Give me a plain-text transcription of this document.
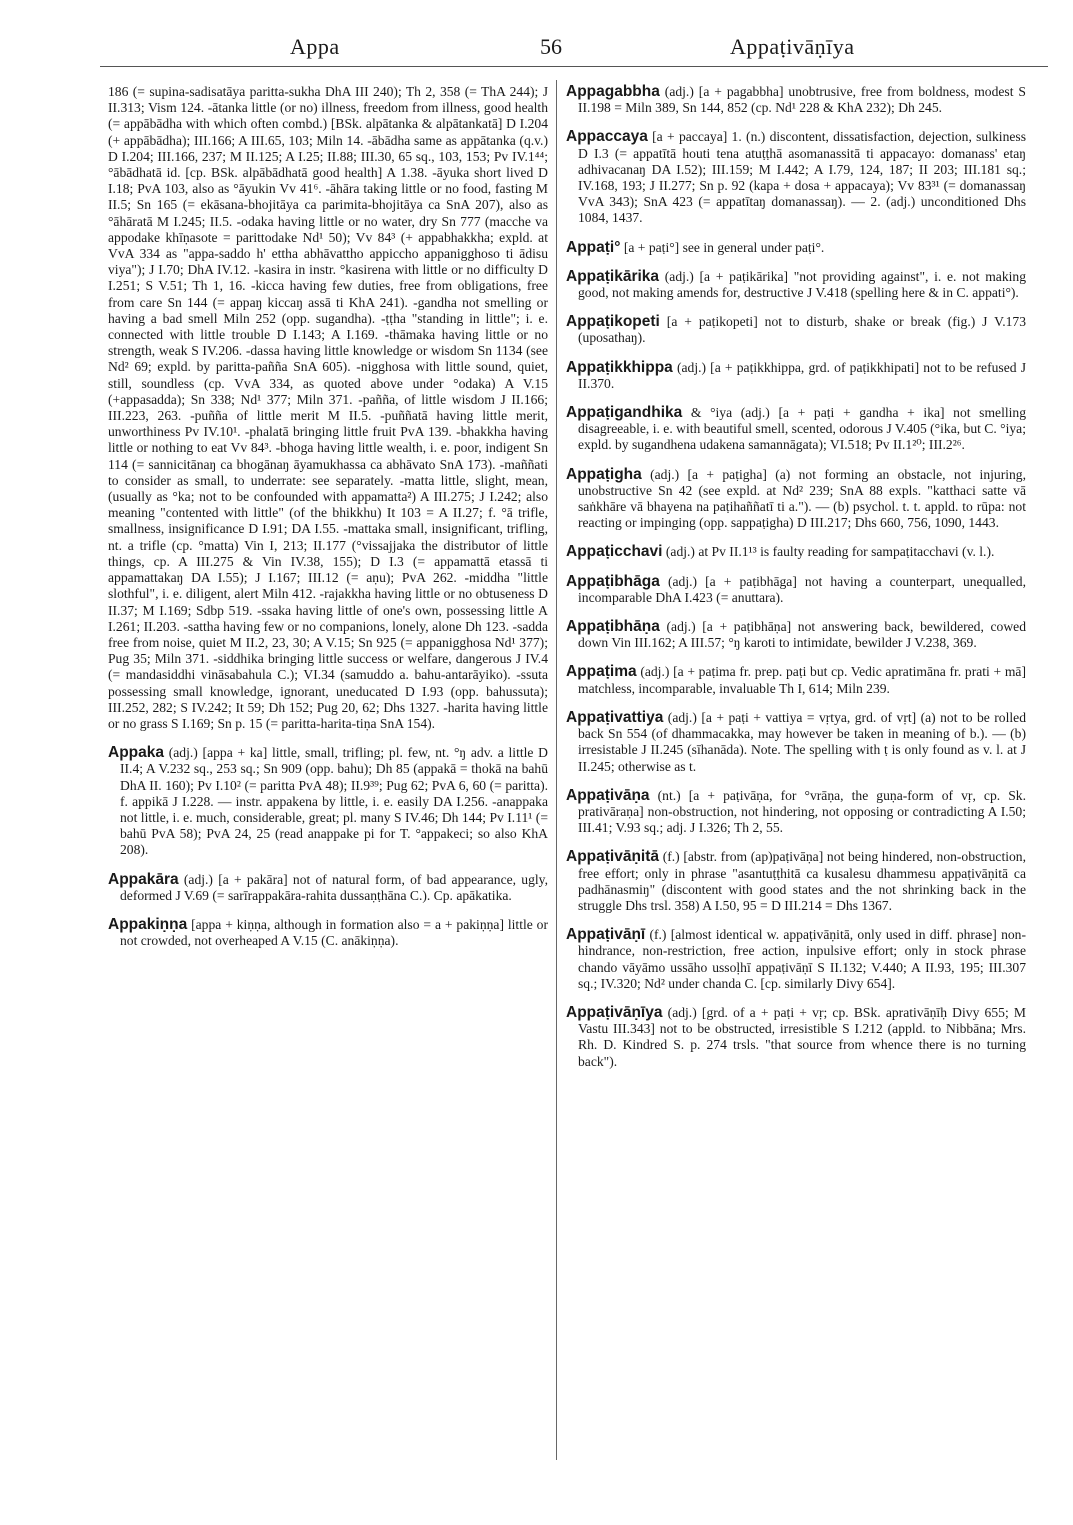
Appa	56	Appaṭivāṇīya

186 (= supina-sadisatāya paritta-sukha DhA III 240); Th 2, 358 (= ThA 244); J II.313; Vism 124. -ātanka little (or no) illness, freedom from illness, good health (= appābādha with which often combd.) [BSk. alpātanka & alpātankatā] D I.204 (+ appābādha); III.166; A III.65, 103; Miln 14. -ābādha same as appātanka (q.v.) D I.204; III.166, 237; M II.125; A I.25; II.88; III.30, 65 sq., 103, 153; Pv IV.1⁴⁴; °ābādhatā id. [cp. BSk. alpābādhatā good health] A 1.38. -āyuka short lived D I.18; PvA 103, also as °āyukin Vv 41⁶. -āhāra taking little or no food, fasting M II.5; Sn 165 (= ekāsana-bhojitāya ca parimita-bhojitāya ca SnA 207), also as °āhāratā M I.245; II.5. -odaka having little or no water, dry Sn 777 (macche va appodake khīṇasote = parittodake Nd¹ 50); Vv 84³ (+ appabhakkha; expld. at VvA 334 as "appa-saddo h' ettha abhāvattho appiccho appanigghoso ti ādisu viya"); J I.70; DhA IV.12. -kasira in instr. °kasirena with little or no difficulty D I.251; S V.51; Th 1, 16. -kicca having few duties, free from obligations, free from care Sn 144 (= appaŋ kiccaŋ assā ti KhA 241). -gandha not smelling or having a bad smell Miln 252 (opp. sugandha). -ṭṭha "standing in little"; i. e. connected with little trouble D I.143; A I.169. -thāmaka having little or no strength, weak S IV.206. -dassa having little knowledge or wisdom Sn 1134 (see Nd² 69; expld. by paritta-pañña SnA 605). -nigghosa with little sound, quiet, still, soundless (cp. VvA 334, as quoted above under °odaka) A V.15 (+appasadda); Sn 338; Nd¹ 377; Miln 371. -pañña, of little wisdom J II.166; III.223, 263. -puñña of little merit M II.5. -puññatā having little merit, unworthiness Pv IV.10¹. -phalatā bringing little fruit PvA 139. -bhakkha having little or nothing to eat Vv 84³. -bhoga having little wealth, i. e. poor, indigent Sn 114 (= sannicitānaŋ ca bhogānaŋ āyamukhassa ca abhāvato SnA 173). -maññati to consider as small, to underrate: see separately. -matta little, slight, mean, (usually as °ka; not to be confounded with appamatta²) A III.275; J I.242; also meaning "contented with little" (of the bhikkhu) It 103 = A II.27; f. °ā trifle, smallness, insignificance D I.91; DA I.55. -mattaka small, insignificant, trifling, nt. a trifle (cp. °matta) Vin I, 213; II.177 (°vissajjaka the distributor of little things, cp. A III.275 & Vin IV.38, 155); D I.3 (= appamattā etassā ti appamattakaŋ DA I.55); J I.167; III.12 (= aṇu); PvA 262. -middha "little slothful", i. e. diligent, alert Miln 412. -rajakkha having little or no obtuseness D II.37; M I.169; Sdbp 519. -ssaka having little of one's own, possessing little A I.261; II.203. -sattha having few or no companions, lonely, alone Dh 123. -sadda free from noise, quiet M II.2, 23, 30; A V.15; Sn 925 (= appanigghosa Nd¹ 377); Pug 35; Miln 371. -siddhika bringing little success or welfare, dangerous J IV.4 (= mandasiddhi vināsabahula C.); VI.34 (samuddo a. bahu-antarāyiko). -ssuta possessing small knowledge, ignorant, uneducated D I.93 (opp. bahussuta); III.252, 282; S IV.242; It 59; Dh 152; Pug 20, 62; Dhs 1327. -harita having little or no grass S I.169; Sn p. 15 (= paritta-harita-tiṇa SnA 154).

Appaka (adj.) [appa + ka] little, small, trifling; pl. few, nt. °ŋ adv. a little D II.4; A V.232 sq., 253 sq.; Sn 909 (opp. bahu); Dh 85 (appakā = thokā na bahū DhA II. 160); Pv I.10² (= paritta PvA 48); II.9³⁹; Pug 62; PvA 6, 60 (= paritta). f. appikā J I.228. — instr. appakena by little, i. e. easily DA I.256. -anappaka not little, i. e. much, considerable, great; pl. many S IV.46; Dh 144; Pv I.11¹ (= bahū PvA 58); PvA 24, 25 (read anappake pi for T. °appakeci; so also KhA 208).

Appakāra (adj.) [a + pakāra] not of natural form, of bad appearance, ugly, deformed J V.69 (= sarīrappakāra-rahita dussaṇṭhāna C.). Cp. apākatika.

Appakiṇṇa [appa + kiṇṇa, although in formation also = a + pakiṇṇa] little or not crowded, not overheaped A V.15 (C. anākiṇṇa).

Appagabbha (adj.) [a + pagabbha] unobtrusive, free from boldness, modest S II.198 = Miln 389, Sn 144, 852 (cp. Nd¹ 228 & KhA 232); Dh 245.

Appaccaya [a + paccaya] 1. (n.) discontent, dissatisfaction, dejection, sulkiness D I.3 (= appatītā houti tena atuṭṭhā asomanassitā ti appacayo: domanass' etaŋ adhivacanaŋ DA I.52); III.159; M I.442; A I.79, 124, 187; II 203; III.181 sq.; IV.168, 193; J II.277; Sn p. 92 (kapa + dosa + appacaya); Vv 83³¹ (= domanassaŋ VvA 343); SnA 423 (= appatītaŋ domanassaŋ). — 2. (adj.) unconditioned Dhs 1084, 1437.

Appaṭi° [a + paṭi°] see in general under paṭi°.

Appaṭikārika (adj.) [a + paṭikārika] "not providing against", i. e. not making good, not making amends for, destructive J V.418 (spelling here & in C. appati°).

Appaṭikopeti [a + paṭikopeti] not to disturb, shake or break (fig.) J V.173 (uposathaŋ).

Appaṭikkhippa (adj.) [a + paṭikkhippa, grd. of paṭikkhipati] not to be refused J II.370.

Appaṭigandhika & °iya (adj.) [a + paṭi + gandha + ika] not smelling disagreeable, i. e. with beautiful smell, scented, odorous J V.405 (°ika, but C. °iya; expld. by sugandhena udakena samannāgata); VI.518; Pv II.1²⁰; III.2²⁶.

Appaṭigha (adj.) [a + paṭigha] (a) not forming an obstacle, not injuring, unobstructive Sn 42 (see expld. at Nd² 239; SnA 88 expls. "katthaci satte vā saṅkhāre vā bhayena na paṭihaññatī ti a."). — (b) psychol. t. t. appld. to rūpa: not reacting or impinging (opp. sappaṭigha) D III.217; Dhs 660, 756, 1090, 1443.

Appaṭicchavi (adj.) at Pv II.1¹³ is faulty reading for sampaṭitacchavi (v. l.).

Appaṭibhāga (adj.) [a + paṭibhāga] not having a counterpart, unequalled, incomparable DhA I.423 (= anuttara).

Appaṭibhāṇa (adj.) [a + paṭibhāṇa] not answering back, bewildered, cowed down Vin III.162; A III.57; °ŋ karoti to intimidate, bewilder J V.238, 369.

Appaṭima (adj.) [a + paṭima fr. prep. paṭi but cp. Vedic apratimāna fr. prati + mā] matchless, incomparable, invaluable Th I, 614; Miln 239.

Appaṭivattiya (adj.) [a + paṭi + vattiya = vṛtya, grd. of vṛt] (a) not to be rolled back Sn 554 (of dhammacakka, may however be taken in meaning of b.). — (b) irresistable J II.245 (sīhanāda). Note. The spelling with ṭ is only found as v. l. at J II.245; otherwise as t.

Appaṭivāṇa (nt.) [a + paṭivāṇa, for °vrāṇa, the guṇa-form of vṛ, cp. Sk. prativāraṇa] non-obstruction, not hindering, not opposing or contradicting A I.50; III.41; V.93 sq.; adj. J I.326; Th 2, 55.

Appaṭivāṇitā (f.) [abstr. from (ap)paṭivāṇa] not being hindered, non-obstruction, free effort; only in phrase "asantuṭṭhitā ca kusalesu dhammesu appaṭivāṇitā ca padhānasmiŋ" (discontent with good states and the not shrinking back in the struggle Dhs trsl. 358) A I.50, 95 = D III.214 = Dhs 1367.

Appaṭivāṇī (f.) [almost identical w. appaṭivāṇitā, only used in diff. phrase] non-hindrance, non-restriction, free action, inpulsive effort; only in stock phrase chando vāyāmo ussāho ussoḷhī appaṭivāṇī S II.132; V.440; A II.93, 195; III.307 sq.; IV.320; Nd² under chanda C. [cp. similarly Divy 654].

Appaṭivāṇīya (adj.) [grd. of a + paṭi + vṛ; cp. BSk. aprativāṇīḥ Divy 655; M Vastu III.343] not to be obstructed, irresistible S I.212 (appld. to Nibbāna; Mrs. Rh. D. Kindred S. p. 274 trsls. "that source from whence there is no turning back").
